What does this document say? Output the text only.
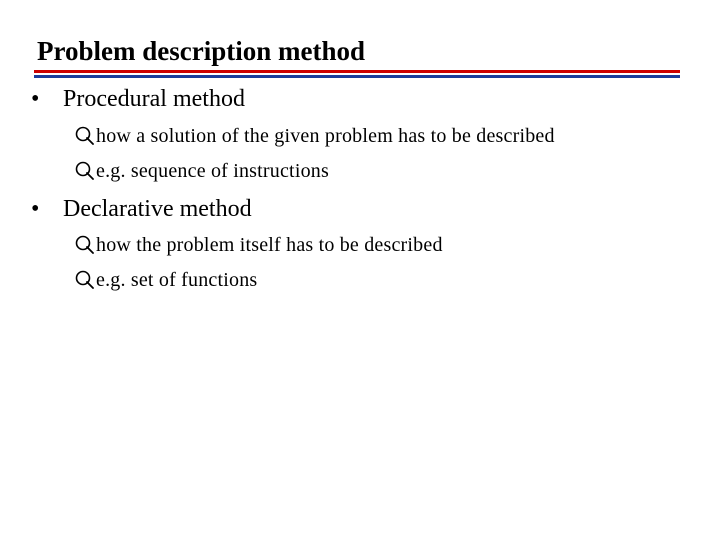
Problem description method
• Procedural method
how a solution of the given problem has to be described
e.g. sequence of instructions
• Declarative method
how the problem itself has to be described
e.g. set of functions
